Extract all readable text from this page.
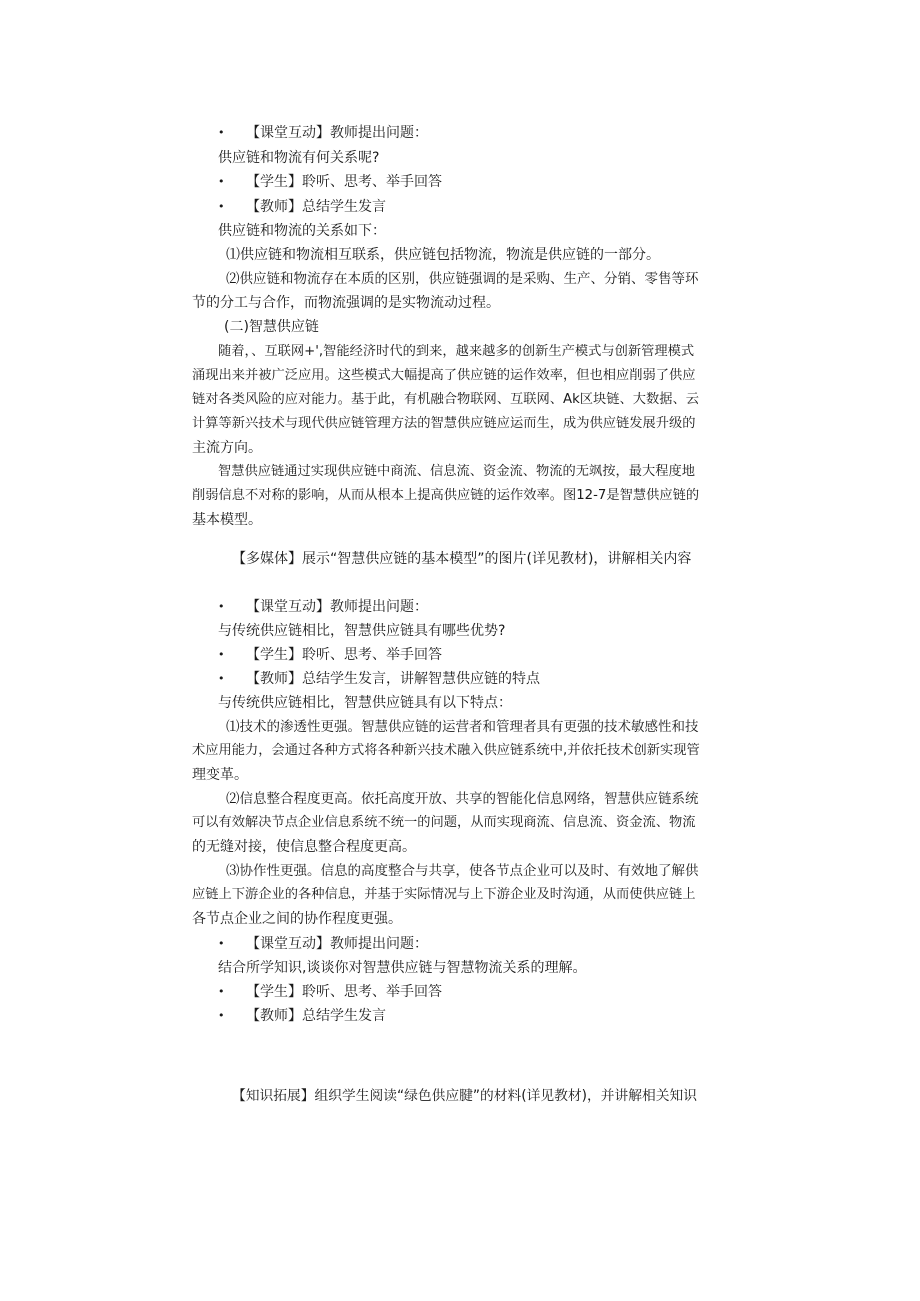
• 【课堂互动】教师提出问题：
供应链和物流有何关系呢?
• 【学生】聆听、思考、举手回答
• 【教师】总结学生发言
供应链和物流的关系如下：
⑴供应链和物流相互联系，供应链包括物流，物流是供应链的一部分。
⑵供应链和物流存在本质的区别，供应链强调的是采购、生产、分销、零售等环
节的分工与合作，而物流强调的是实物流动过程。
(二)智慧供应链
随着，、互联网+',智能经济时代的到来，越来越多的创新生产模式与创新管理模式
涌现出来并被广泛应用。这些模式大幅提高了供应链的运作效率，但也相应削弱了供应
链对各类风险的应对能力。基于此，有机融合物联网、互联网、Ak区块链、大数据、云
计算等新兴技术与现代供应链管理方法的智慧供应链应运而生，成为供应链发展升级的
主流方向。
智慧供应链通过实现供应链中商流、信息流、资金流、物流的无飒按，最大程度地
削弱信息不对称的影响，从而从根本上提高供应链的运作效率。图12-7是智慧供应链的
基本模型。
【多媒体】展示“智慧供应链的基本模型”的图片(详见教材)，讲解相关内容
• 【课堂互动】教师提出问题：
与传统供应链相比，智慧供应链具有哪些优势?
• 【学生】聆听、思考、举手回答
• 【教师】总结学生发言，讲解智慧供应链的特点
与传统供应链相比，智慧供应链具有以下特点：
⑴技术的渗透性更强。智慧供应链的运营者和管理者具有更强的技术敏感性和技
术应用能力，会通过各种方式将各种新兴技术融入供应链系统中,并依托技术创新实现管
理变革。
⑵信息整合程度更高。依托高度开放、共享的智能化信息网络，智慧供应链系统
可以有效解决节点企业信息系统不统一的问题，从而实现商流、信息流、资金流、物流
的无缝对接，使信息整合程度更高。
⑶协作性更强。信息的高度整合与共享，使各节点企业可以及时、有效地了解供
应链上下游企业的各种信息，并基于实际情况与上下游企业及时沟通，从而使供应链上
各节点企业之间的协作程度更强。
• 【课堂互动】教师提出问题：
结合所学知识,谈谈你对智慧供应链与智慧物流关系的理解。
• 【学生】聆听、思考、举手回答
• 【教师】总结学生发言
【知识拓展】组织学生阅读“绿色供应腱”的材料(详见教材)，并讲解相关知识
